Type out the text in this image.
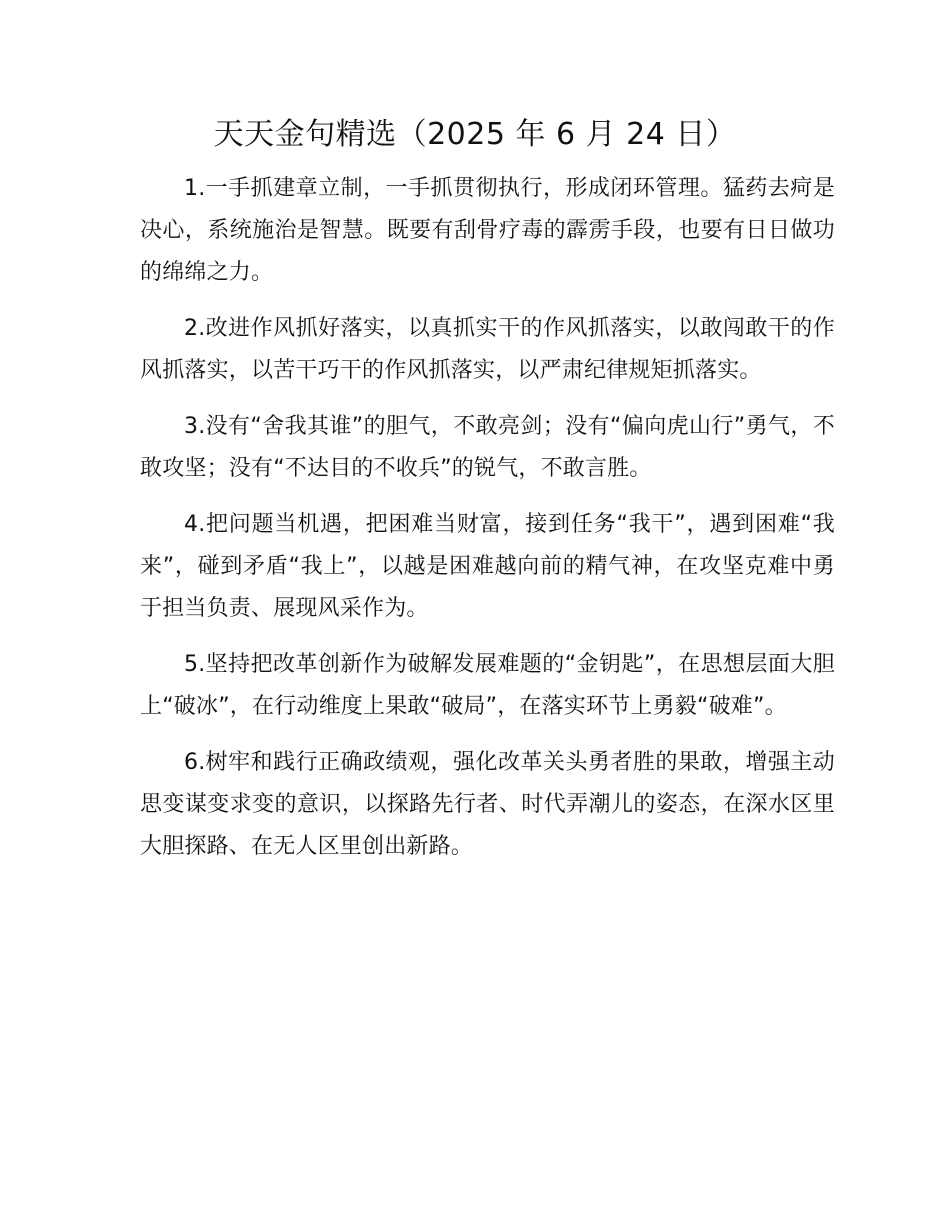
天天金句精选（2025 年 6 月 24 日）

1.一手抓建章立制，一手抓贯彻执行，形成闭环管理。猛药去疴是决心，系统施治是智慧。既要有刮骨疗毒的霹雳手段，也要有日日做功的绵绵之力。

2.改进作风抓好落实，以真抓实干的作风抓落实，以敢闯敢干的作风抓落实，以苦干巧干的作风抓落实，以严肃纪律规矩抓落实。

3.没有“舍我其谁”的胆气，不敢亮剑；没有“偏向虎山行”勇气，不敢攻坚；没有“不达目的不收兵”的锐气，不敢言胜。

4.把问题当机遇，把困难当财富，接到任务“我干”，遇到困难“我来”，碰到矛盾“我上”，以越是困难越向前的精气神，在攻坚克难中勇于担当负责、展现风采作为。

5.坚持把改革创新作为破解发展难题的“金钥匙”，在思想层面大胆上“破冰”，在行动维度上果敢“破局”，在落实环节上勇毅“破难”。

6.树牢和践行正确政绩观，强化改革关头勇者胜的果敢，增强主动思变谋变求变的意识，以探路先行者、时代弄潮儿的姿态，在深水区里大胆探路、在无人区里创出新路。
